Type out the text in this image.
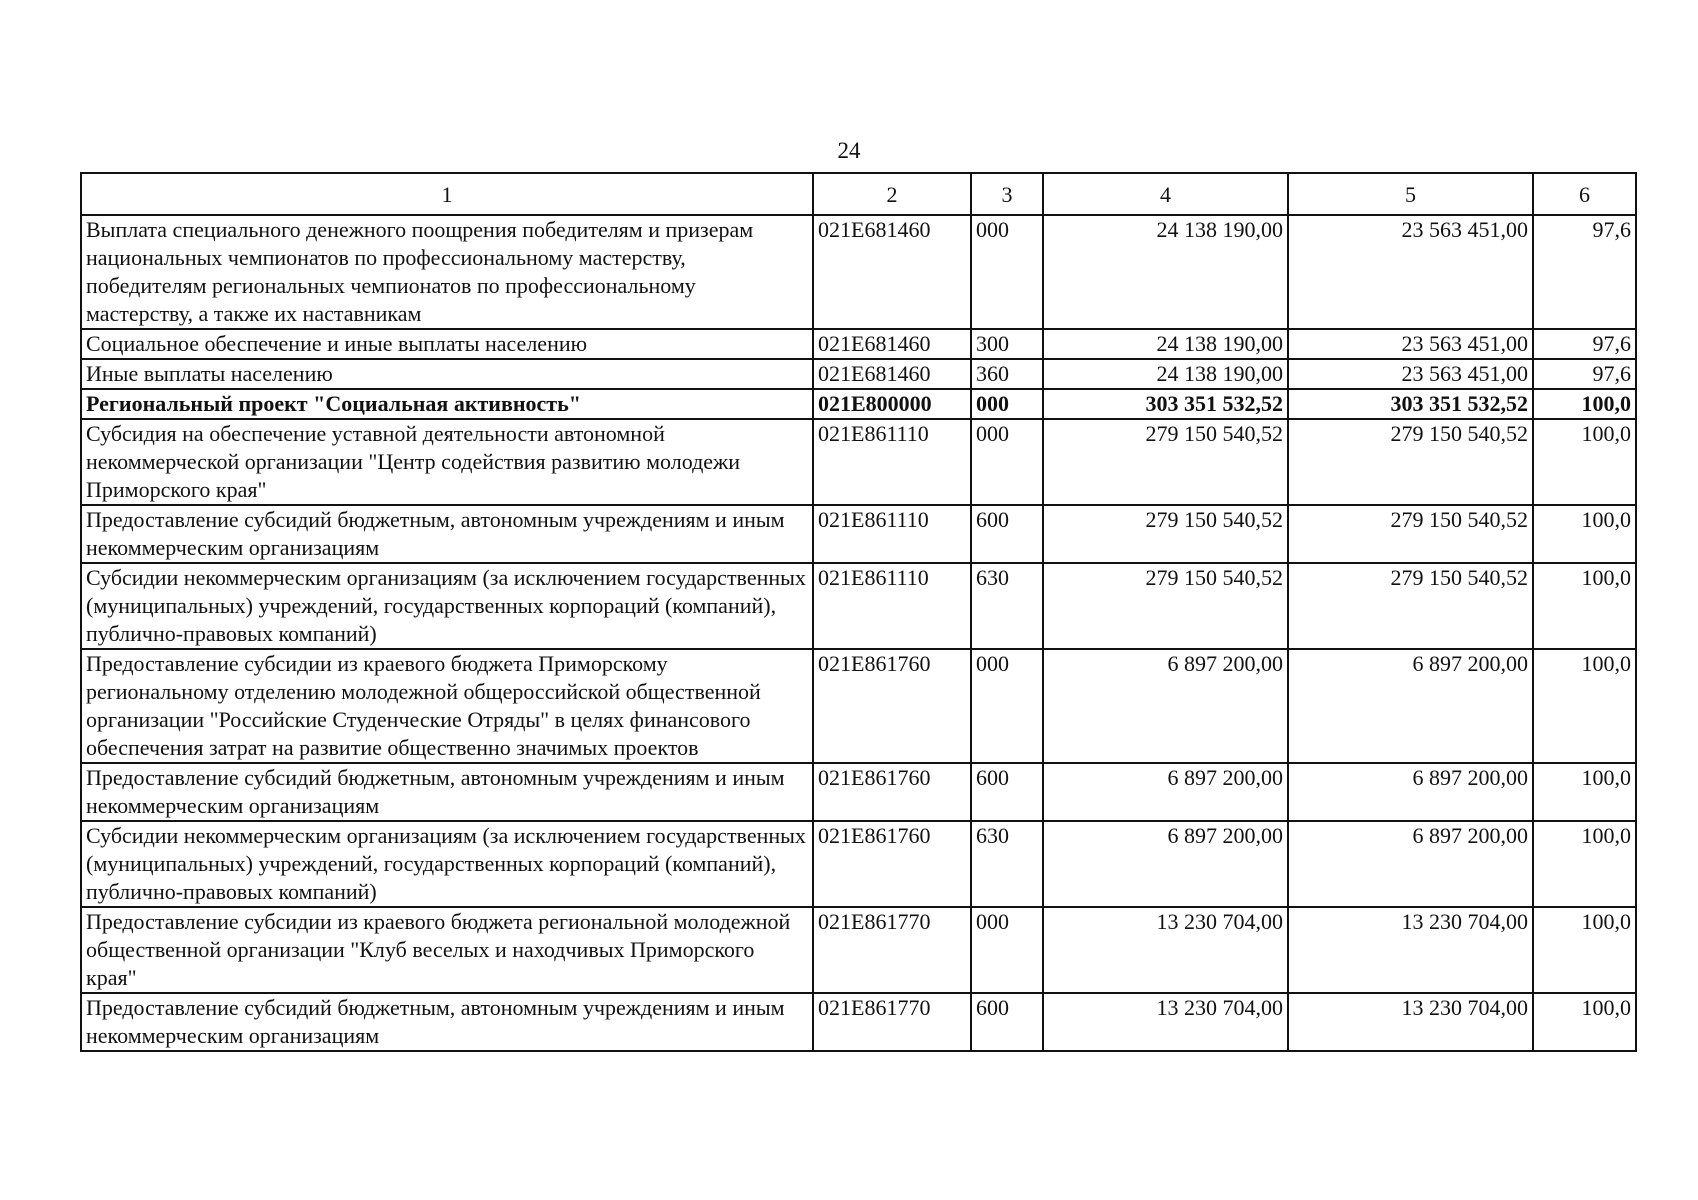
24
1	2	3	4	5	6
Выплата специального денежного поощрения победителям и призерам национальных чемпионатов по профессиональному мастерству, победителям региональных чемпионатов по профессиональному мастерству, а также их наставникам	021E681460	000	24 138 190,00	23 563 451,00	97,6
Социальное обеспечение и иные выплаты населению	021E681460	300	24 138 190,00	23 563 451,00	97,6
Иные выплаты населению	021E681460	360	24 138 190,00	23 563 451,00	97,6
Региональный проект "Социальная активность"	021E800000	000	303 351 532,52	303 351 532,52	100,0
Субсидия на обеспечение уставной деятельности автономной некоммерческой организации "Центр содействия развитию молодежи Приморского края"	021E861110	000	279 150 540,52	279 150 540,52	100,0
Предоставление субсидий бюджетным, автономным учреждениям и иным некоммерческим организациям	021E861110	600	279 150 540,52	279 150 540,52	100,0
Субсидии некоммерческим организациям (за исключением государственных (муниципальных) учреждений, государственных корпораций (компаний), публично-правовых компаний)	021E861110	630	279 150 540,52	279 150 540,52	100,0
Предоставление субсидии из краевого бюджета Приморскому региональному отделению молодежной общероссийской общественной организации "Российские Студенческие Отряды" в целях финансового обеспечения затрат на развитие общественно значимых проектов	021E861760	000	6 897 200,00	6 897 200,00	100,0
Предоставление субсидий бюджетным, автономным учреждениям и иным некоммерческим организациям	021E861760	600	6 897 200,00	6 897 200,00	100,0
Субсидии некоммерческим организациям (за исключением государственных (муниципальных) учреждений, государственных корпораций (компаний), публично-правовых компаний)	021E861760	630	6 897 200,00	6 897 200,00	100,0
Предоставление субсидии из краевого бюджета региональной молодежной общественной организации "Клуб веселых и находчивых Приморского края"	021E861770	000	13 230 704,00	13 230 704,00	100,0
Предоставление субсидий бюджетным, автономным учреждениям и иным некоммерческим организациям	021E861770	600	13 230 704,00	13 230 704,00	100,0
